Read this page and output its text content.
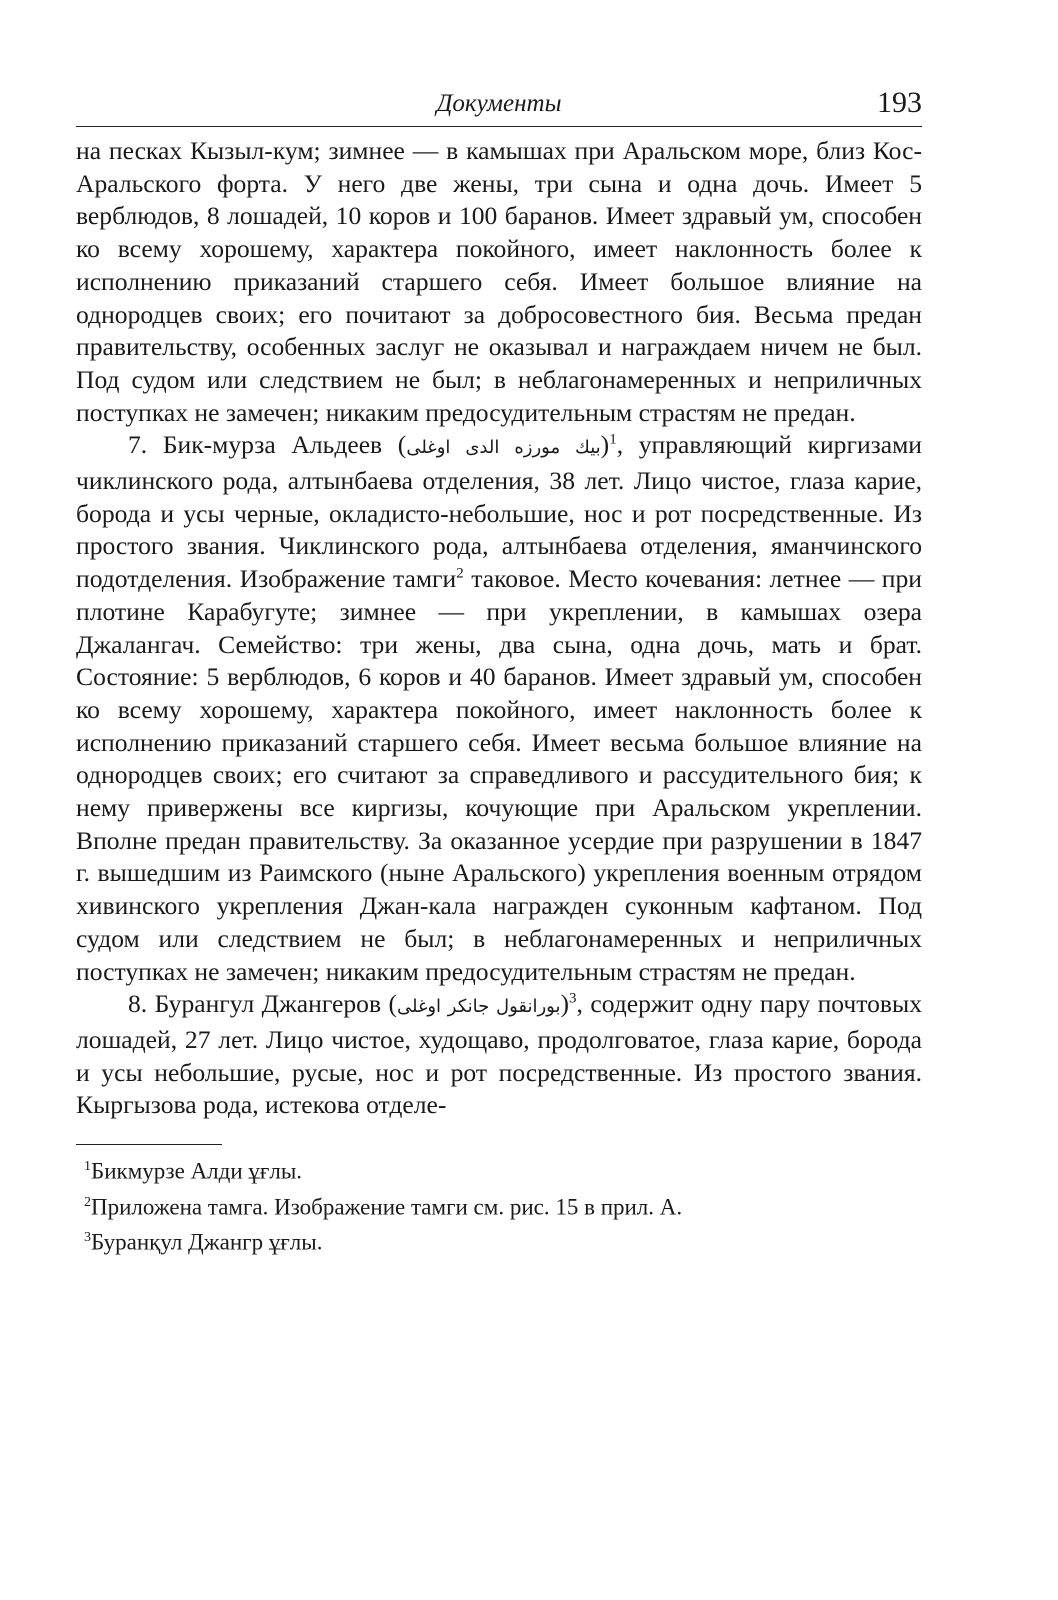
Документы	193

на песках Кызыл-кум; зимнее — в камышах при Аральском море, близ Кос-Аральского форта. У него две жены, три сына и одна дочь. Имеет 5 верблюдов, 8 лошадей, 10 коров и 100 баранов. Имеет здравый ум, способен ко всему хорошему, характера покойного, имеет наклонность более к исполнению приказаний старшего себя. Имеет большое влияние на однородцев своих; его почитают за добросовестного бия. Весьма предан правительству, особенных заслуг не оказывал и награждаем ничем не был. Под судом или следствием не был; в неблагонамеренных и неприличных поступках не замечен; никаким предосудительным страстям не предан.

7. Бик-мурза Альдеев (بيك مورزه الدى اوغلى)$^1$, управляющий киргизами чиклинского рода, алтынбаева отделения, 38 лет. Лицо чистое, глаза карие, борода и усы черные, окладисто-небольшие, нос и рот посредственные. Из простого звания. Чиклинского рода, алтынбаева отделения, яманчинского подотделения. Изображение тамги$^2$ таковое. Место кочевания: летнее — при плотине Карабугуте; зимнее — при укреплении, в камышах озера Джалангач. Семейство: три жены, два сына, одна дочь, мать и брат. Состояние: 5 верблюдов, 6 коров и 40 баранов. Имеет здравый ум, способен ко всему хорошему, характера покойного, имеет наклонность более к исполнению приказаний старшего себя. Имеет весьма большое влияние на однородцев своих; его считают за справедливого и рассудительного бия; к нему привержены все киргизы, кочующие при Аральском укреплении. Вполне предан правительству. За оказанное усердие при разрушении в 1847 г. вышедшим из Раимского (ныне Аральского) укрепления военным отрядом хивинского укрепления Джан-кала награжден суконным кафтаном. Под судом или следствием не был; в неблагонамеренных и неприличных поступках не замечен; никаким предосудительным страстям не предан.

8. Бурангул Джангеров (بورانقول جانكر اوغلى)$^3$, содержит одну пару почтовых лошадей, 27 лет. Лицо чистое, худощаво, продолговатое, глаза карие, борода и усы небольшие, русые, нос и рот посредственные. Из простого звания. Кыргызова рода, истекова отделе-

$^1$Бикмурзе Алди ұғлы.

$^2$Приложена тамга. Изображение тамги см. рис. 15 в прил. А.

$^3$Буранқул Джангр ұғлы.
